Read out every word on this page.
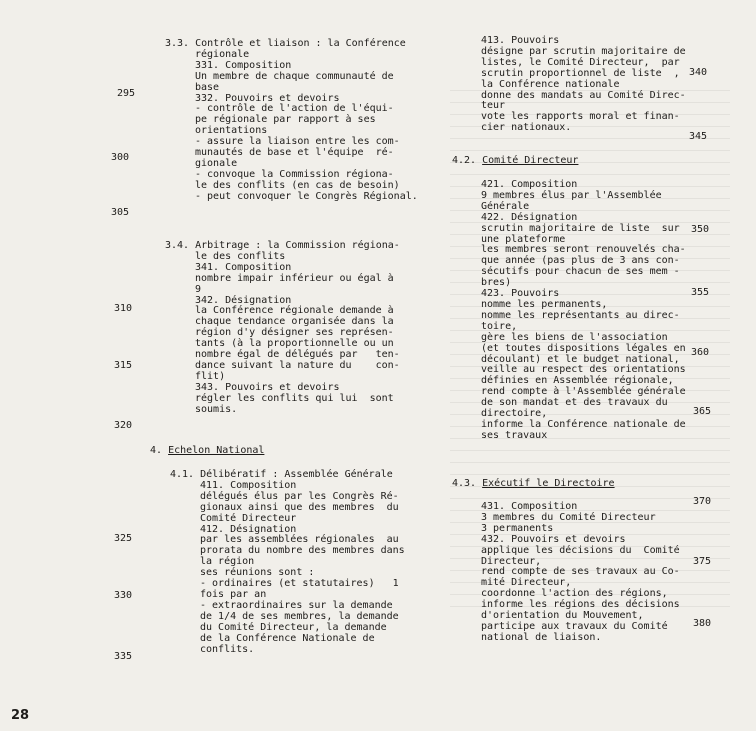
3.3. Contrôle et liaison : la Conférence
régionale
331. Composition
Un membre de chaque communauté de
base
332. Pouvoirs et devoirs
- contrôle de l'action de l'équi-
pe régionale par rapport à ses
orientations
- assure la liaison entre les com-
munautés de base et l'équipe  ré-
gionale
- convoque la Commission régiona-
le des conflits (en cas de besoin)
- peut convoquer le Congrès Régional.
3.4. Arbitrage : la Commission régiona-
le des conflits
341. Composition
nombre impair inférieur ou égal à
9
342. Désignation
la Conférence régionale demande à
chaque tendance organisée dans la
région d'y désigner ses représen-
tants (à la proportionnelle ou un
nombre égal de délégués par   ten-
dance suivant la nature du    con-
flit)
343. Pouvoirs et devoirs
régler les conflits qui lui  sont
soumis.
4. Echelon National
4.1. Délibératif : Assemblée Générale
411. Composition
délégués élus par les Congrès Ré-
gionaux ainsi que des membres  du
Comité Directeur
412. Désignation
par les assemblées régionales  au
prorata du nombre des membres dans
la région
ses réunions sont :
- ordinaires (et statutaires)   1
fois par an
- extraordinaires sur la demande
de 1/4 de ses membres, la demande
du Comité Directeur, la demande
de la Conférence Nationale de
conflits.
413. Pouvoirs
désigne par scrutin majoritaire de
listes, le Comité Directeur,  par
scrutin proportionnel de liste  ,
la Conférence nationale
donne des mandats au Comité Direc-
teur
vote les rapports moral et finan-
cier nationaux.
4.2. Comité Directeur
421. Composition
9 membres élus par l'Assemblée
Générale
422. Désignation
scrutin majoritaire de liste  sur
une plateforme
les membres seront renouvelés cha-
que année (pas plus de 3 ans con-
sécutifs pour chacun de ses mem -
bres)
423. Pouvoirs
nomme les permanents,
nomme les représentants au direc-
toire,
gère les biens de l'association
(et toutes dispositions légales en
découlant) et le budget national,
veille au respect des orientations
définies en Assemblée régionale,
rend compte à l'Assemblée générale
de son mandat et des travaux du
directoire,
informe la Conférence nationale de
ses travaux
4.3. Exécutif le Directoire
431. Composition
3 membres du Comité Directeur
3 permanents
432. Pouvoirs et devoirs
applique les décisions du  Comité
Directeur,
rend compte de ses travaux au Co-
mité Directeur,
coordonne l'action des régions,
informe les régions des décisions
d'orientation du Mouvement,
participe aux travaux du Comité
national de liaison.
295
300
305
310
315
320
325
330
335
340
345
350
355
360
365
370
375
380
28
